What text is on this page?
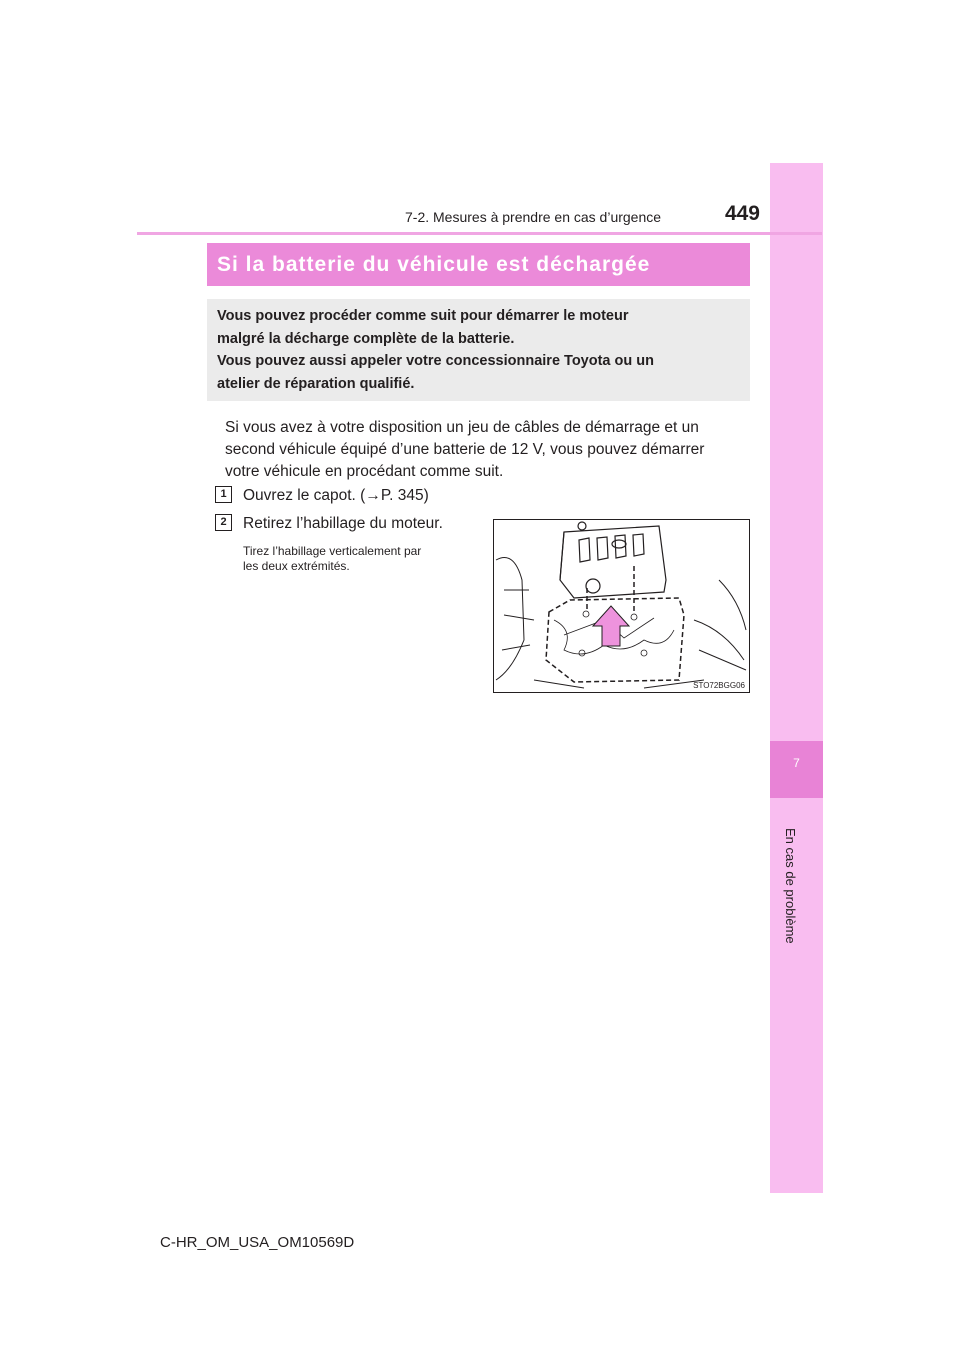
7
En cas de problème
7-2. Mesures à prendre en cas d’urgence	449
Si la batterie du véhicule est déchargée
Vous pouvez procéder comme suit pour démarrer le moteur
malgré la décharge complète de la batterie.
Vous pouvez aussi appeler votre concessionnaire Toyota ou un
atelier de réparation qualifié.
Si vous avez à votre disposition un jeu de câbles de démarrage et un
second véhicule équipé d’une batterie de 12 V, vous pouvez démarrer
votre véhicule en procédant comme suit.
1	Ouvrez le capot. (→P. 345)
2	Retirez l’habillage du moteur.
Tirez l’habillage verticalement par
les deux extrémités.
STO72BGG06
C-HR_OM_USA_OM10569D
